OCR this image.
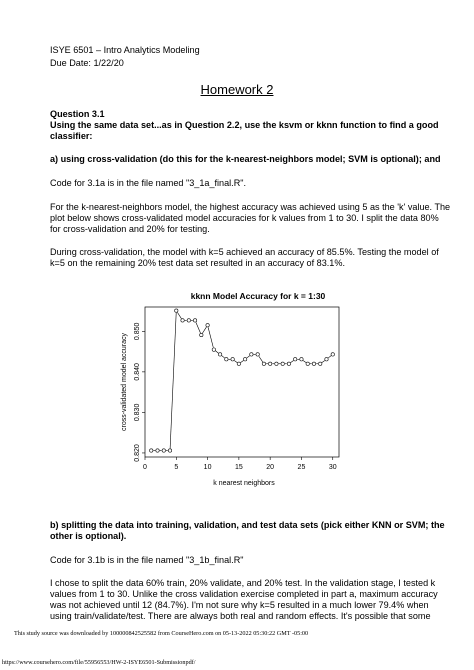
ISYE 6501 – Intro Analytics Modeling
Due Date: 1/22/20
Homework 2
Question 3.1
Using the same data set...as in Question 2.2, use the ksvm or kknn function to find a good
classifier:
a) using cross-validation (do this for the k-nearest-neighbors model; SVM is optional); and
Code for 3.1a is in the file named "3_1a_final.R".
For the k-nearest-neighbors model, the highest accuracy was achieved using 5 as the 'k' value. The
plot below shows cross-validated model accuracies for k values from 1 to 30. I split the data 80%
for cross-validation and 20% for testing.
During cross-validation, the model with k=5 achieved an accuracy of 85.5%. Testing the model of
k=5 on the remaining 20% test data set resulted in an accuracy of 83.1%.
kknn Model Accuracy for k = 1:30
k nearest neighbors
cross-validated model accuracy
0	5	10	15	20	25	30
0.820
0.830
0.840
0.850
b) splitting the data into training, validation, and test data sets (pick either KNN or SVM; the
other is optional).
Code for 3.1b is in the file named "3_1b_final.R"
I chose to split the data 60% train, 20% validate, and 20% test. In the validation stage, I tested k
values from 1 to 30. Unlike the cross validation exercise completed in part a, maximum accuracy
was not achieved until 12 (84.7%). I'm not sure why k=5 resulted in a much lower 79.4% when
using train/validate/test. There are always both real and random effects. It's possible that some
This study source was downloaded by 100000842525582 from CourseHero.com on 05-13-2022 05:30:22 GMT -05:00
https://www.coursehero.com/file/55956553/HW-2-ISYE6501-Submissionpdf/
